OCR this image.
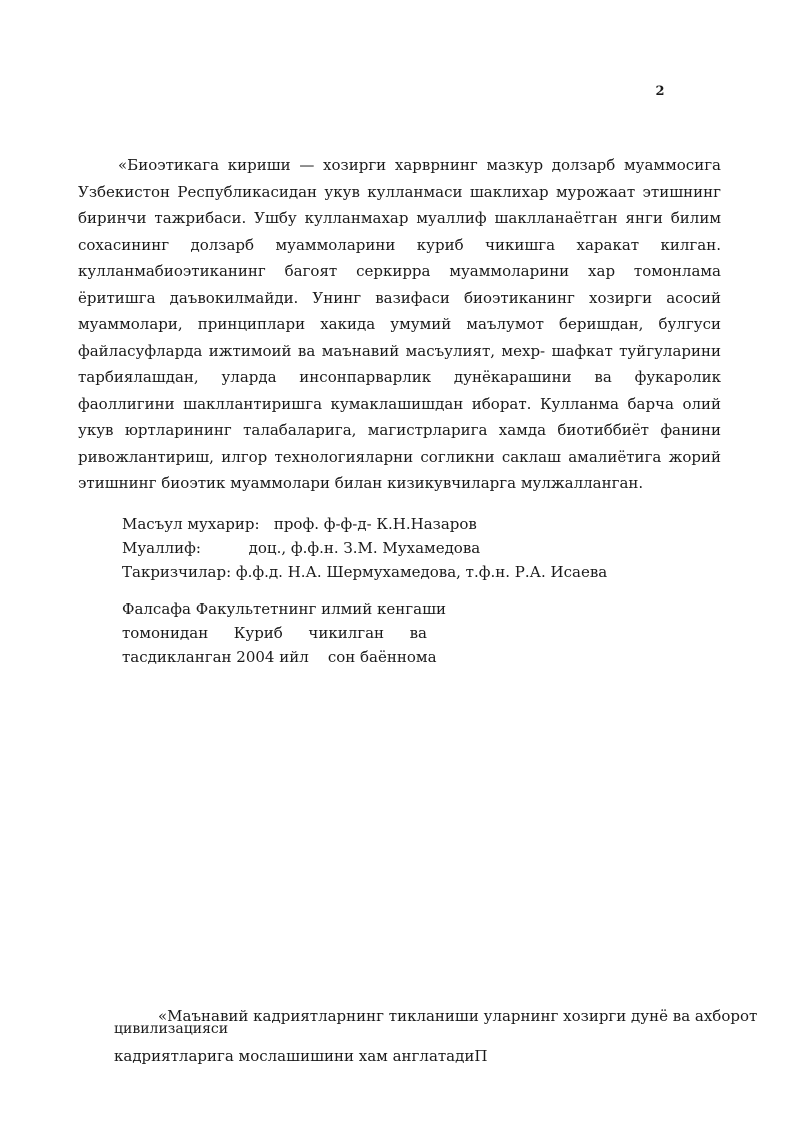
2

«Биоэтикага кириши — хозирги харврнинг мазкур долзарб муаммосига Узбекистон Республикасидан укув кулланмаси шаклихар мурожаат этишнинг биринчи тажрибаси. Ушбу кулланмахар муаллиф шаклланаётган янги билим сохасининг долзарб муаммоларини куриб чикишга харакат килган. кулланмабиоэтиканинг багоят серкирра муаммоларини хар томонлама ёритишга даъвокилмайди. Унинг вазифаси биоэтиканинг хозирги асосий муаммолари, принциплари хакида умумий маълумот беришдан, булгуси файласуфларда ижтимоий ва маънавий масъулият, мехр- шафкат туйгуларини тарбиялашдан, уларда инсонпарварлик дунёкарашини ва фукаролик фаоллигини шакллантиришга кумаклашишдан иборат. Кулланма барча олий укув юртларининг талабаларига, магистрларига хамда биотиббиёт фанини ривожлантириш, илгор технологияларни согликни саклаш амалиётига жорий этишнинг биоэтик муаммолари билан кизикувчиларга мулжалланган.

Масъул мухарир:   проф. ф-ф-д- К.Н.Назаров
Муаллиф:          доц., ф.ф.н. З.М. Мухамедова
Такризчилар: ф.ф.д. Н.А. Шермухамедова, т.ф.н. Р.А. Исаева
Фалсафа Факультетнинг илмий кенгаши
томонидан Куриб чикилган ва
тасдикланган 2004 ийл    сон баённома
«Маънавий кадриятларнинг тикланиши уларнинг хозирги дунё ва ахборот
цивилизацияси
кадриятларига мослашишини хам англатадиП
